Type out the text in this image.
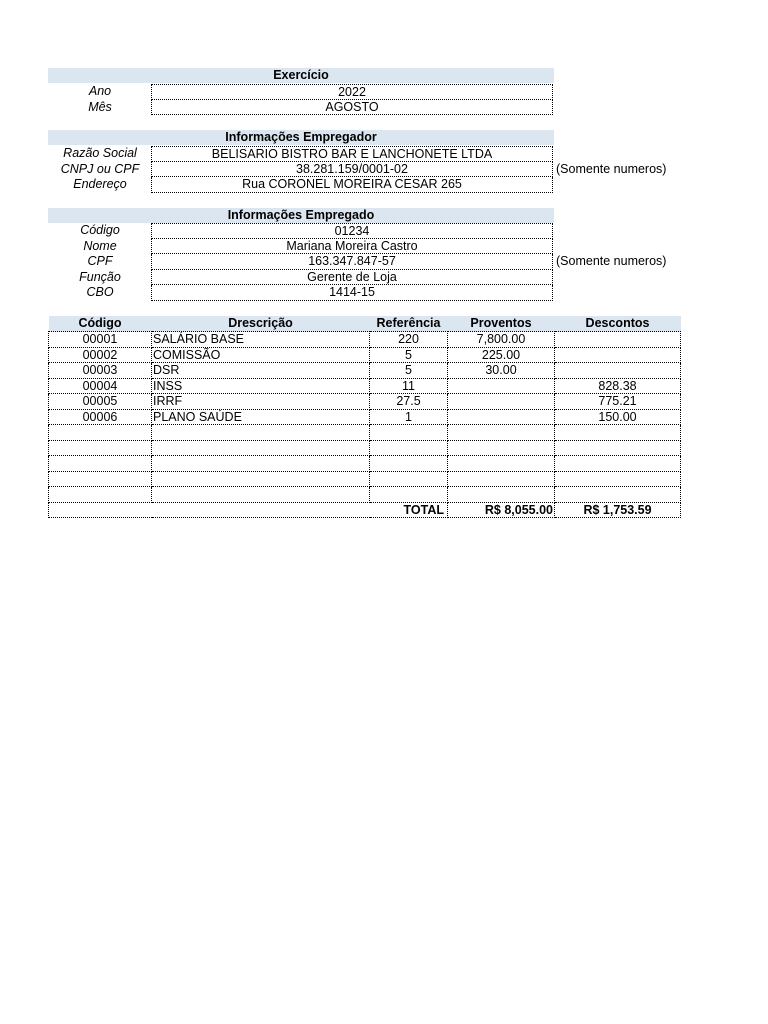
Exercício
Ano	2022
Mês	AGOSTO
Informações Empregador
Razão Social	BELISARIO BISTRO BAR E LANCHONETE LTDA
CNPJ ou CPF	38.281.159/0001-02	(Somente numeros)
Endereço	Rua CORONEL MOREIRA CESAR 265
Informações Empregado
Código	01234
Nome	Mariana Moreira Castro
CPF	163.347.847-57	(Somente numeros)
Função	Gerente de Loja
CBO	1414-15
Código	Drescrição	Referência	Proventos	Descontos
00001	SALÁRIO BASE	220	7,800.00	
00002	COMISSÃO	5	225.00	
00003	DSR	5	30.00	
00004	INSS	11		828.38
00005	IRRF	27.5		775.21
00006	PLANO SAÚDE	1		150.00

		TOTAL	R$ 8,055.00	R$ 1,753.59
